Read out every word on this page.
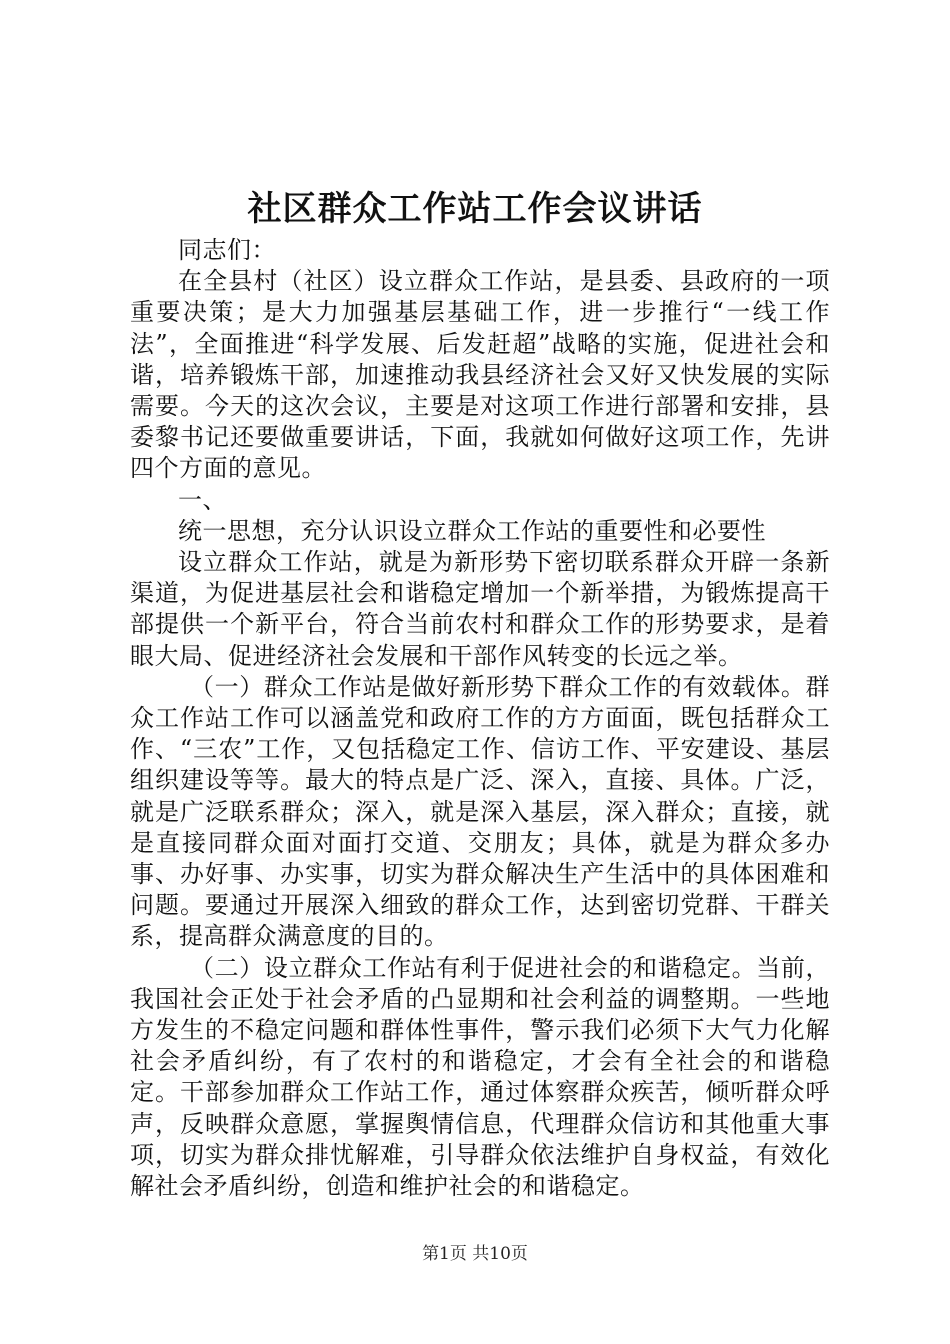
社区群众工作站工作会议讲话

同志们：

在全县村（社区）设立群众工作站，是县委、县政府的一项重要决策；是大力加强基层基础工作，进一步推行“一线工作法”，全面推进“科学发展、后发赶超”战略的实施，促进社会和谐，培养锻炼干部，加速推动我县经济社会又好又快发展的实际需要。今天的这次会议，主要是对这项工作进行部署和安排，县委黎书记还要做重要讲话，下面，我就如何做好这项工作，先讲四个方面的意见。

一、

统一思想，充分认识设立群众工作站的重要性和必要性

设立群众工作站，就是为新形势下密切联系群众开辟一条新渠道，为促进基层社会和谐稳定增加一个新举措，为锻炼提高干部提供一个新平台，符合当前农村和群众工作的形势要求，是着眼大局、促进经济社会发展和干部作风转变的长远之举。

（一）群众工作站是做好新形势下群众工作的有效载体。群众工作站工作可以涵盖党和政府工作的方方面面，既包括群众工作、“三农”工作，又包括稳定工作、信访工作、平安建设、基层组织建设等等。最大的特点是广泛、深入，直接、具体。广泛，就是广泛联系群众；深入，就是深入基层，深入群众；直接，就是直接同群众面对面打交道、交朋友；具体，就是为群众多办事、办好事、办实事，切实为群众解决生产生活中的具体困难和问题。要通过开展深入细致的群众工作，达到密切党群、干群关系，提高群众满意度的目的。

（二）设立群众工作站有利于促进社会的和谐稳定。当前，我国社会正处于社会矛盾的凸显期和社会利益的调整期。一些地方发生的不稳定问题和群体性事件，警示我们必须下大气力化解社会矛盾纠纷，有了农村的和谐稳定，才会有全社会的和谐稳定。干部参加群众工作站工作，通过体察群众疾苦，倾听群众呼声，反映群众意愿，掌握舆情信息，代理群众信访和其他重大事项，切实为群众排忧解难，引导群众依法维护自身权益，有效化解社会矛盾纠纷，创造和维护社会的和谐稳定。

第1页 共10页
